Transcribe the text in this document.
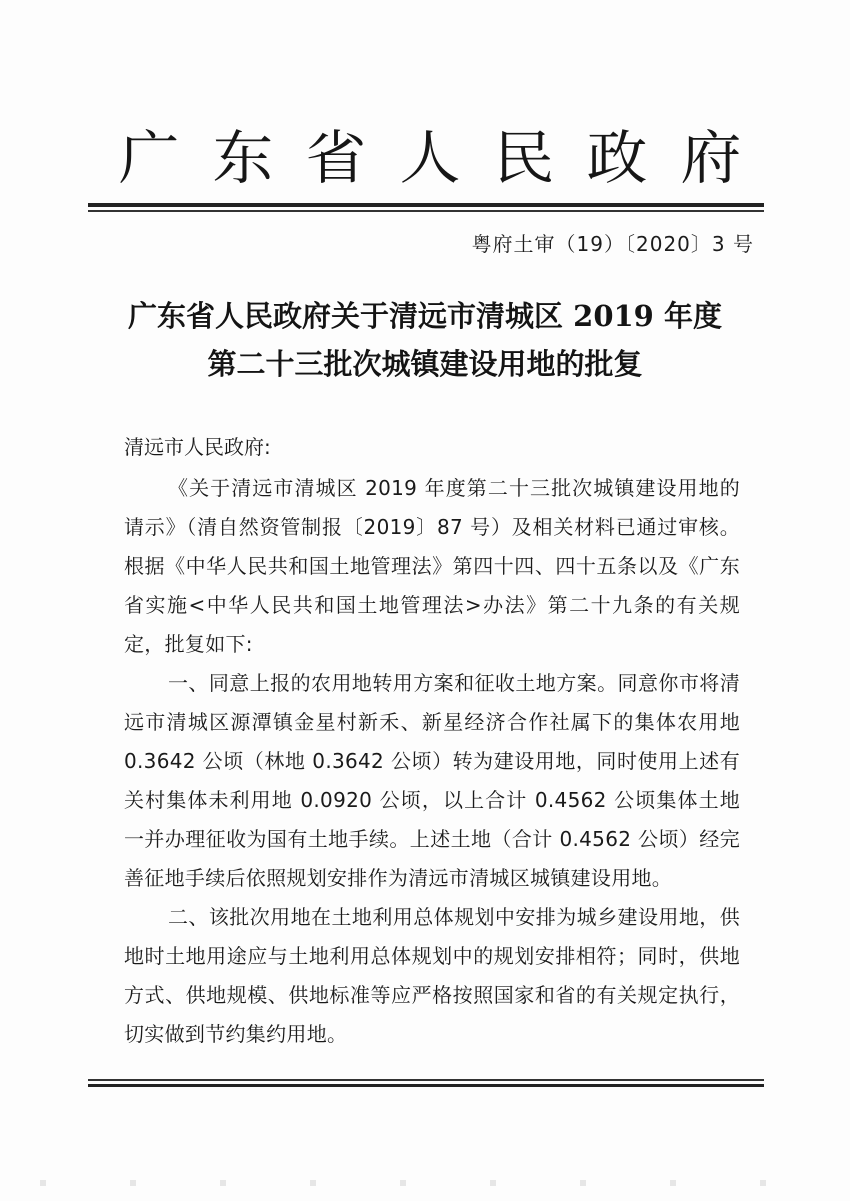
广 东 省 人 民 政 府
粤府土审（19）〔2020〕3 号
广东省人民政府关于清远市清城区 2019 年度
第二十三批次城镇建设用地的批复

清远市人民政府:

《关于清远市清城区 2019 年度第二十三批次城镇建设用地的请示》（清自然资管制报〔2019〕87 号）及相关材料已通过审核。根据《中华人民共和国土地管理法》第四十四、四十五条以及《广东省实施<中华人民共和国土地管理法>办法》第二十九条的有关规定，批复如下:

一、同意上报的农用地转用方案和征收土地方案。同意你市将清远市清城区源潭镇金星村新禾、新星经济合作社属下的集体农用地 0.3642 公顷（林地 0.3642 公顷）转为建设用地，同时使用上述有关村集体未利用地 0.0920 公顷，以上合计 0.4562 公顷集体土地一并办理征收为国有土地手续。上述土地（合计 0.4562 公顷）经完善征地手续后依照规划安排作为清远市清城区城镇建设用地。

二、该批次用地在土地利用总体规划中安排为城乡建设用地，供地时土地用途应与土地利用总体规划中的规划安排相符；同时，供地方式、供地规模、供地标准等应严格按照国家和省的有关规定执行，切实做到节约集约用地。
